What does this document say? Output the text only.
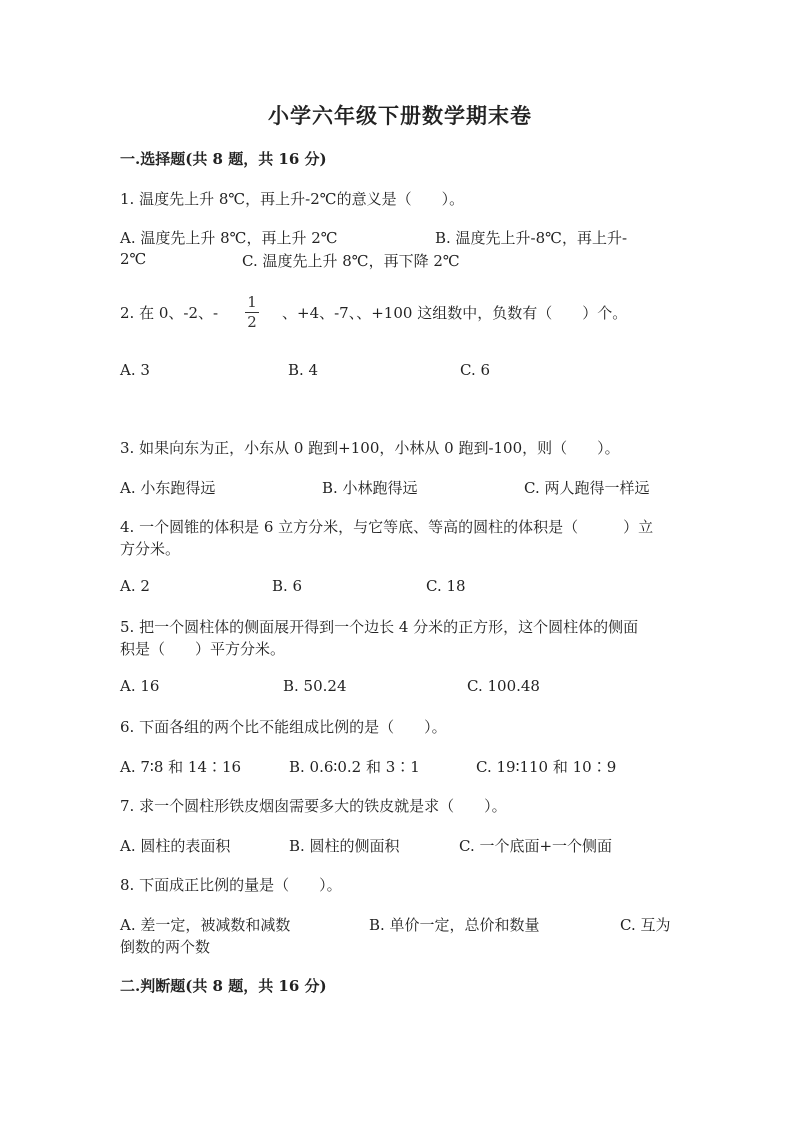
小学六年级下册数学期末卷
一.选择题(共 8 题，共 16 分)
1. 温度先上升 8℃，再上升-2℃的意义是（　　）。
A. 温度先上升 8℃，再上升 2℃	B. 温度先上升-8℃，再上升-
2℃	C. 温度先上升 8℃，再下降 2℃
2. 在 0、-2、-
1
2 、+4、-7、、+100 这组数中，负数有（　　）个。
A. 3	B. 4	C. 6
3. 如果向东为正，小东从 0 跑到+100，小林从 0 跑到-100，则（　　）。
A. 小东跑得远	B. 小林跑得远	C. 两人跑得一样远
4. 一个圆锥的体积是 6 立方分米，与它等底、等高的圆柱的体积是（　　　）立
方分米。
A. 2	B. 6	C. 18
5. 把一个圆柱体的侧面展开得到一个边长 4 分米的正方形，这个圆柱体的侧面
积是（　　）平方分米。
A. 16	B. 50.24	C. 100.48
6. 下面各组的两个比不能组成比例的是（　　）。
A. 7∶8 和 14∶16	B. 0.6∶0.2 和 3∶1	C. 19∶110 和 10∶9
7. 求一个圆柱形铁皮烟囱需要多大的铁皮就是求（　　）。
A. 圆柱的表面积	B. 圆柱的侧面积	C. 一个底面+一个侧面
8. 下面成正比例的量是（　　）。
A. 差一定，被减数和减数	B. 单价一定，总价和数量	C. 互为
倒数的两个数
二.判断题(共 8 题，共 16 分)
